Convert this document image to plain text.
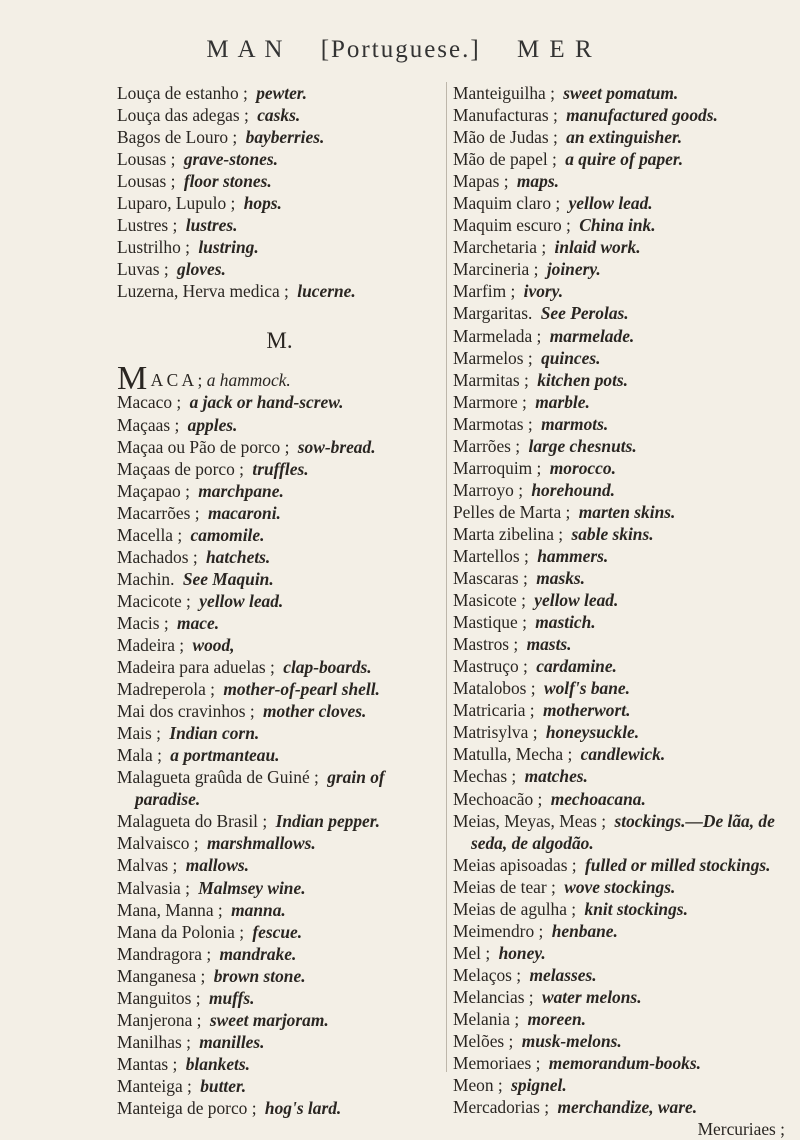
M A N [Portuguese.] M E R
Louça de estanho ; pewter.
Louça das adegas ; casks.
Bagos de Louro ; bayberries.
Lousas ; grave-stones.
Lousas ; floor stones.
Luparo, Lupulo ; hops.
Lustres ; lustres.
Lustrilho ; lustring.
Luvas ; gloves.
Luzerna, Herva medica ; lucerne.
M.
M A C A ; a hammock.
Macaco ; a jack or hand-screw.
Maçaas ; apples.
Maçaa ou Pão de porco ; sow-bread.
Maçaas de porco ; truffles.
Maçapao ; marchpane.
Macarrões ; macaroni.
Macella ; camomile.
Machados ; hatchets.
Machin. See Maquin.
Macicote ; yellow lead.
Macis ; mace.
Madeira ; wood,
Madeira para aduelas ; clap-boards.
Madreperola ; mother-of-pearl shell.
Mai dos cravinhos ; mother cloves.
Mais ; Indian corn.
Mala ; a portmanteau.
Malagueta graûda de Guiné ; grain of paradise.
Malagueta do Brasil ; Indian pepper.
Malvaisco ; marshmallows.
Malvas ; mallows.
Malvasia ; Malmsey wine.
Mana, Manna ; manna.
Mana da Polonia ; fescue.
Mandragora ; mandrake.
Manganesa ; brown stone.
Manguitos ; muffs.
Manjerona ; sweet marjoram.
Manilhas ; manilles.
Mantas ; blankets.
Manteiga ; butter.
Manteiga de porco ; hog's lard.
Manteiguilha ; sweet pomatum.
Manufacturas ; manufactured goods.
Mão de Judas ; an extinguisher.
Mão de papel ; a quire of paper.
Mapas ; maps.
Maquim claro ; yellow lead.
Maquim escuro ; China ink.
Marchetaria ; inlaid work.
Marcineria ; joinery.
Marfim ; ivory.
Margaritas. See Perolas.
Marmelada ; marmelade.
Marmelos ; quinces.
Marmitas ; kitchen pots.
Marmore ; marble.
Marmotas ; marmots.
Marrões ; large chesnuts.
Marroquim ; morocco.
Marroyo ; horehound.
Pelles de Marta ; marten skins.
Marta zibelina ; sable skins.
Martellos ; hammers.
Mascaras ; masks.
Masicote ; yellow lead.
Mastique ; mastich.
Mastros ; masts.
Mastruço ; cardamine.
Matalobos ; wolf's bane.
Matricaria ; motherwort.
Matrisylva ; honeysuckle.
Matulla, Mecha ; candlewick.
Mechas ; matches.
Mechoacão ; mechoacana.
Meias, Meyas, Meas ; stockings.—De lãa, de seda, de algodão.
Meias apisoadas ; fulled or milled stockings.
Meias de tear ; wove stockings.
Meias de agulha ; knit stockings.
Meimendro ; henbane.
Mel ; honey.
Melaços ; melasses.
Melancias ; water melons.
Melania ; moreen.
Melões ; musk-melons.
Memoriaes ; memorandum-books.
Meon ; spignel.
Mercadorias ; merchandize, ware.
Mercuriaes ;
